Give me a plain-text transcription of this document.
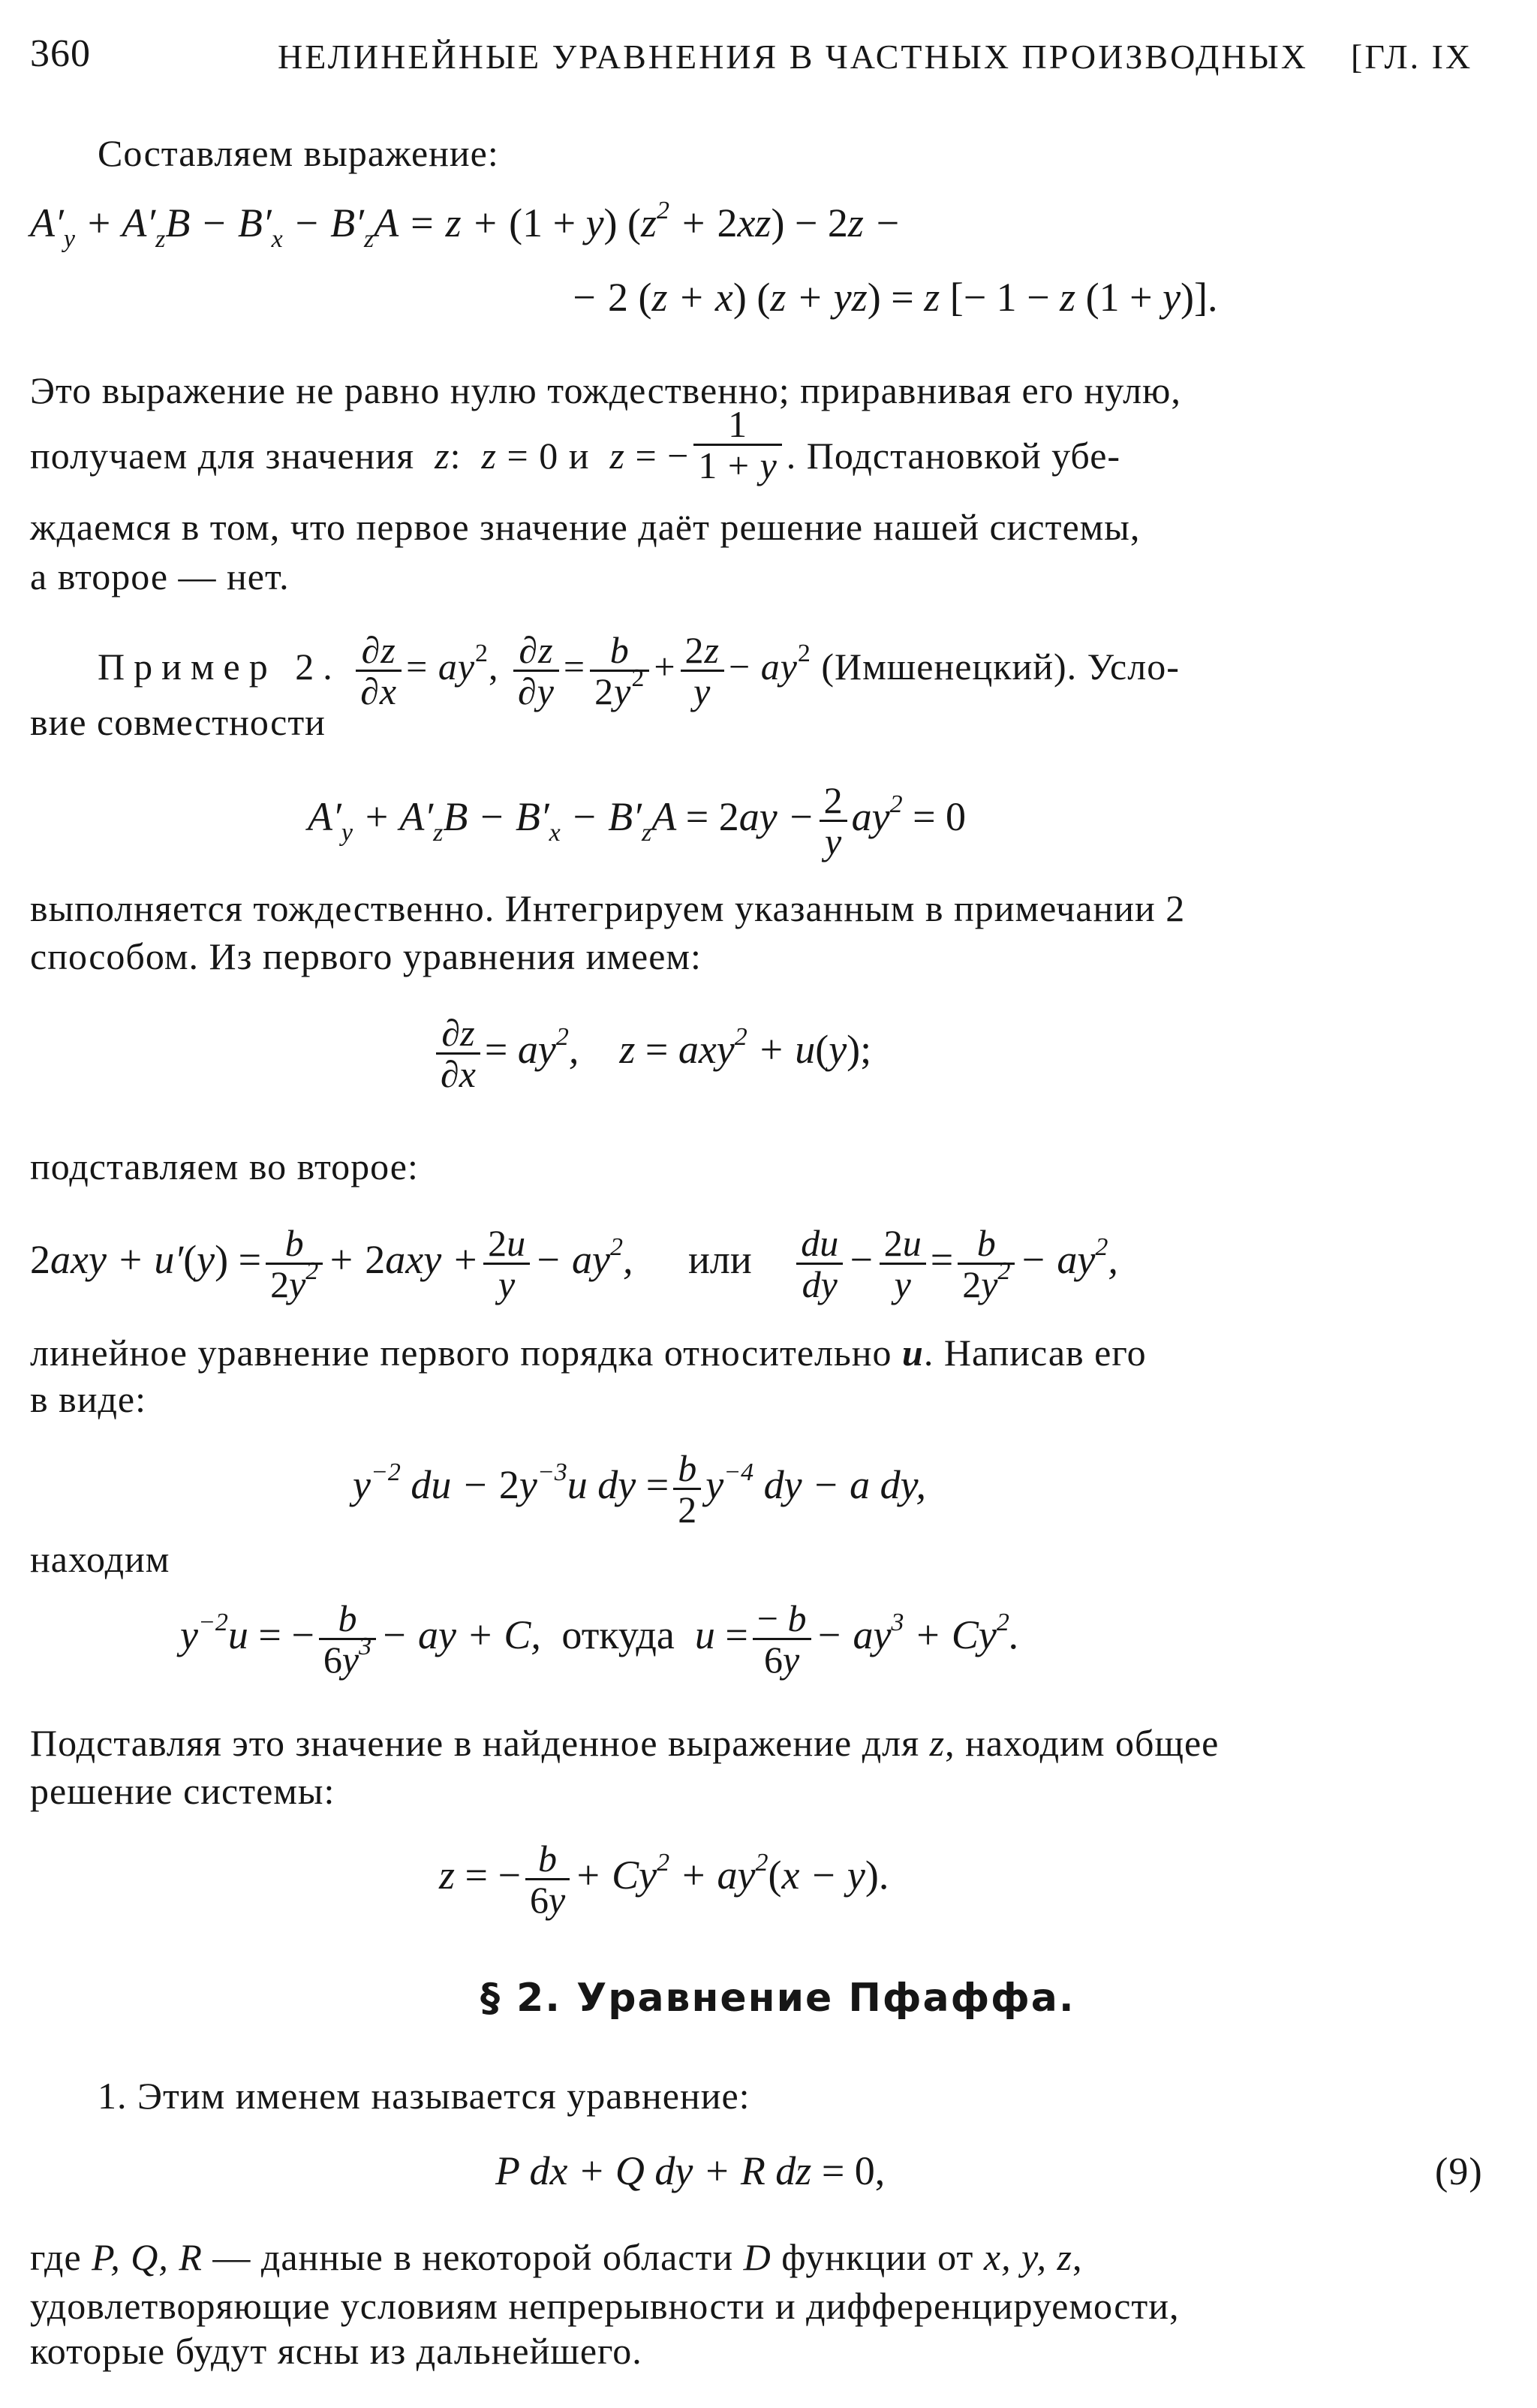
360	НЕЛИНЕЙНЫЕ УРАВНЕНИЯ В ЧАСТНЫХ ПРОИЗВОДНЫХ [ГЛ. IX
Составляем выражение:
$A'_y + A'_zB - B'_x - B'_zA = z + (1 + y) (z^2 + 2xz) - 2z$ −
− 2 (z + x) (z + yz) = z [− 1 − z (1 + y)].
Это выражение не равно нулю тождественно; приравнивая его нулю,
получаем для значения  z:  z = 0 и  z = − $\frac{1}{1 + y}$ . Подстановкой убе-
ждаемся в том, что первое значение даёт решение нашей системы,
а второе — нет.
Пример 2. $\frac{\partial z}{\partial x} = ay^2$, $\frac{\partial z}{\partial y} = \frac{b}{2y^2} + \frac{2z}{y} - ay^2$ (Имшенецкий). Усло-
вие совместности
$A'_y + A'_zB - B'_x - B'_zA = 2ay - \frac{2}{y} ay^2 = 0$
выполняется тождественно. Интегрируем указанным в примечании 2
способом. Из первого уравнения имеем:
$\frac{\partial z}{\partial x} = ay^2$,    z = axy$^2$ + u(y);
подставляем во второе:
$2axy + u'(y) = \frac{b}{2y^2} + 2axy + \frac{2u}{y} - ay^2$, или $\frac{du}{dy} - \frac{2u}{y} = \frac{b}{2y^2} - ay^2$,
линейное уравнение первого порядка относительно u. Написав его
в виде:
$y^{-2}$ du − $2y^{-3}u$ dy = $\frac{b}{2} y^{-4}$ dy − a dy,
находим
$y^{-2}u$ = − $\frac{b}{6y^3}$ − ay + C, откуда  $u = \frac{- b}{6y} - ay^3 + Cy^2$.
Подставляя это значение в найденное выражение для z, находим общее
решение системы:
z = − $\frac{b}{6y} + Cy^2 + ay^2(x - y)$.
§ 2. Уравнение Пфаффа.
1. Этим именем называется уравнение:
P dx + Q dy + R dz = 0,	(9)
где P, Q, R — данные в некоторой области D функции от x, y, z,
удовлетворяющие условиям непрерывности и дифференцируемости,
которые будут ясны из дальнейшего.
